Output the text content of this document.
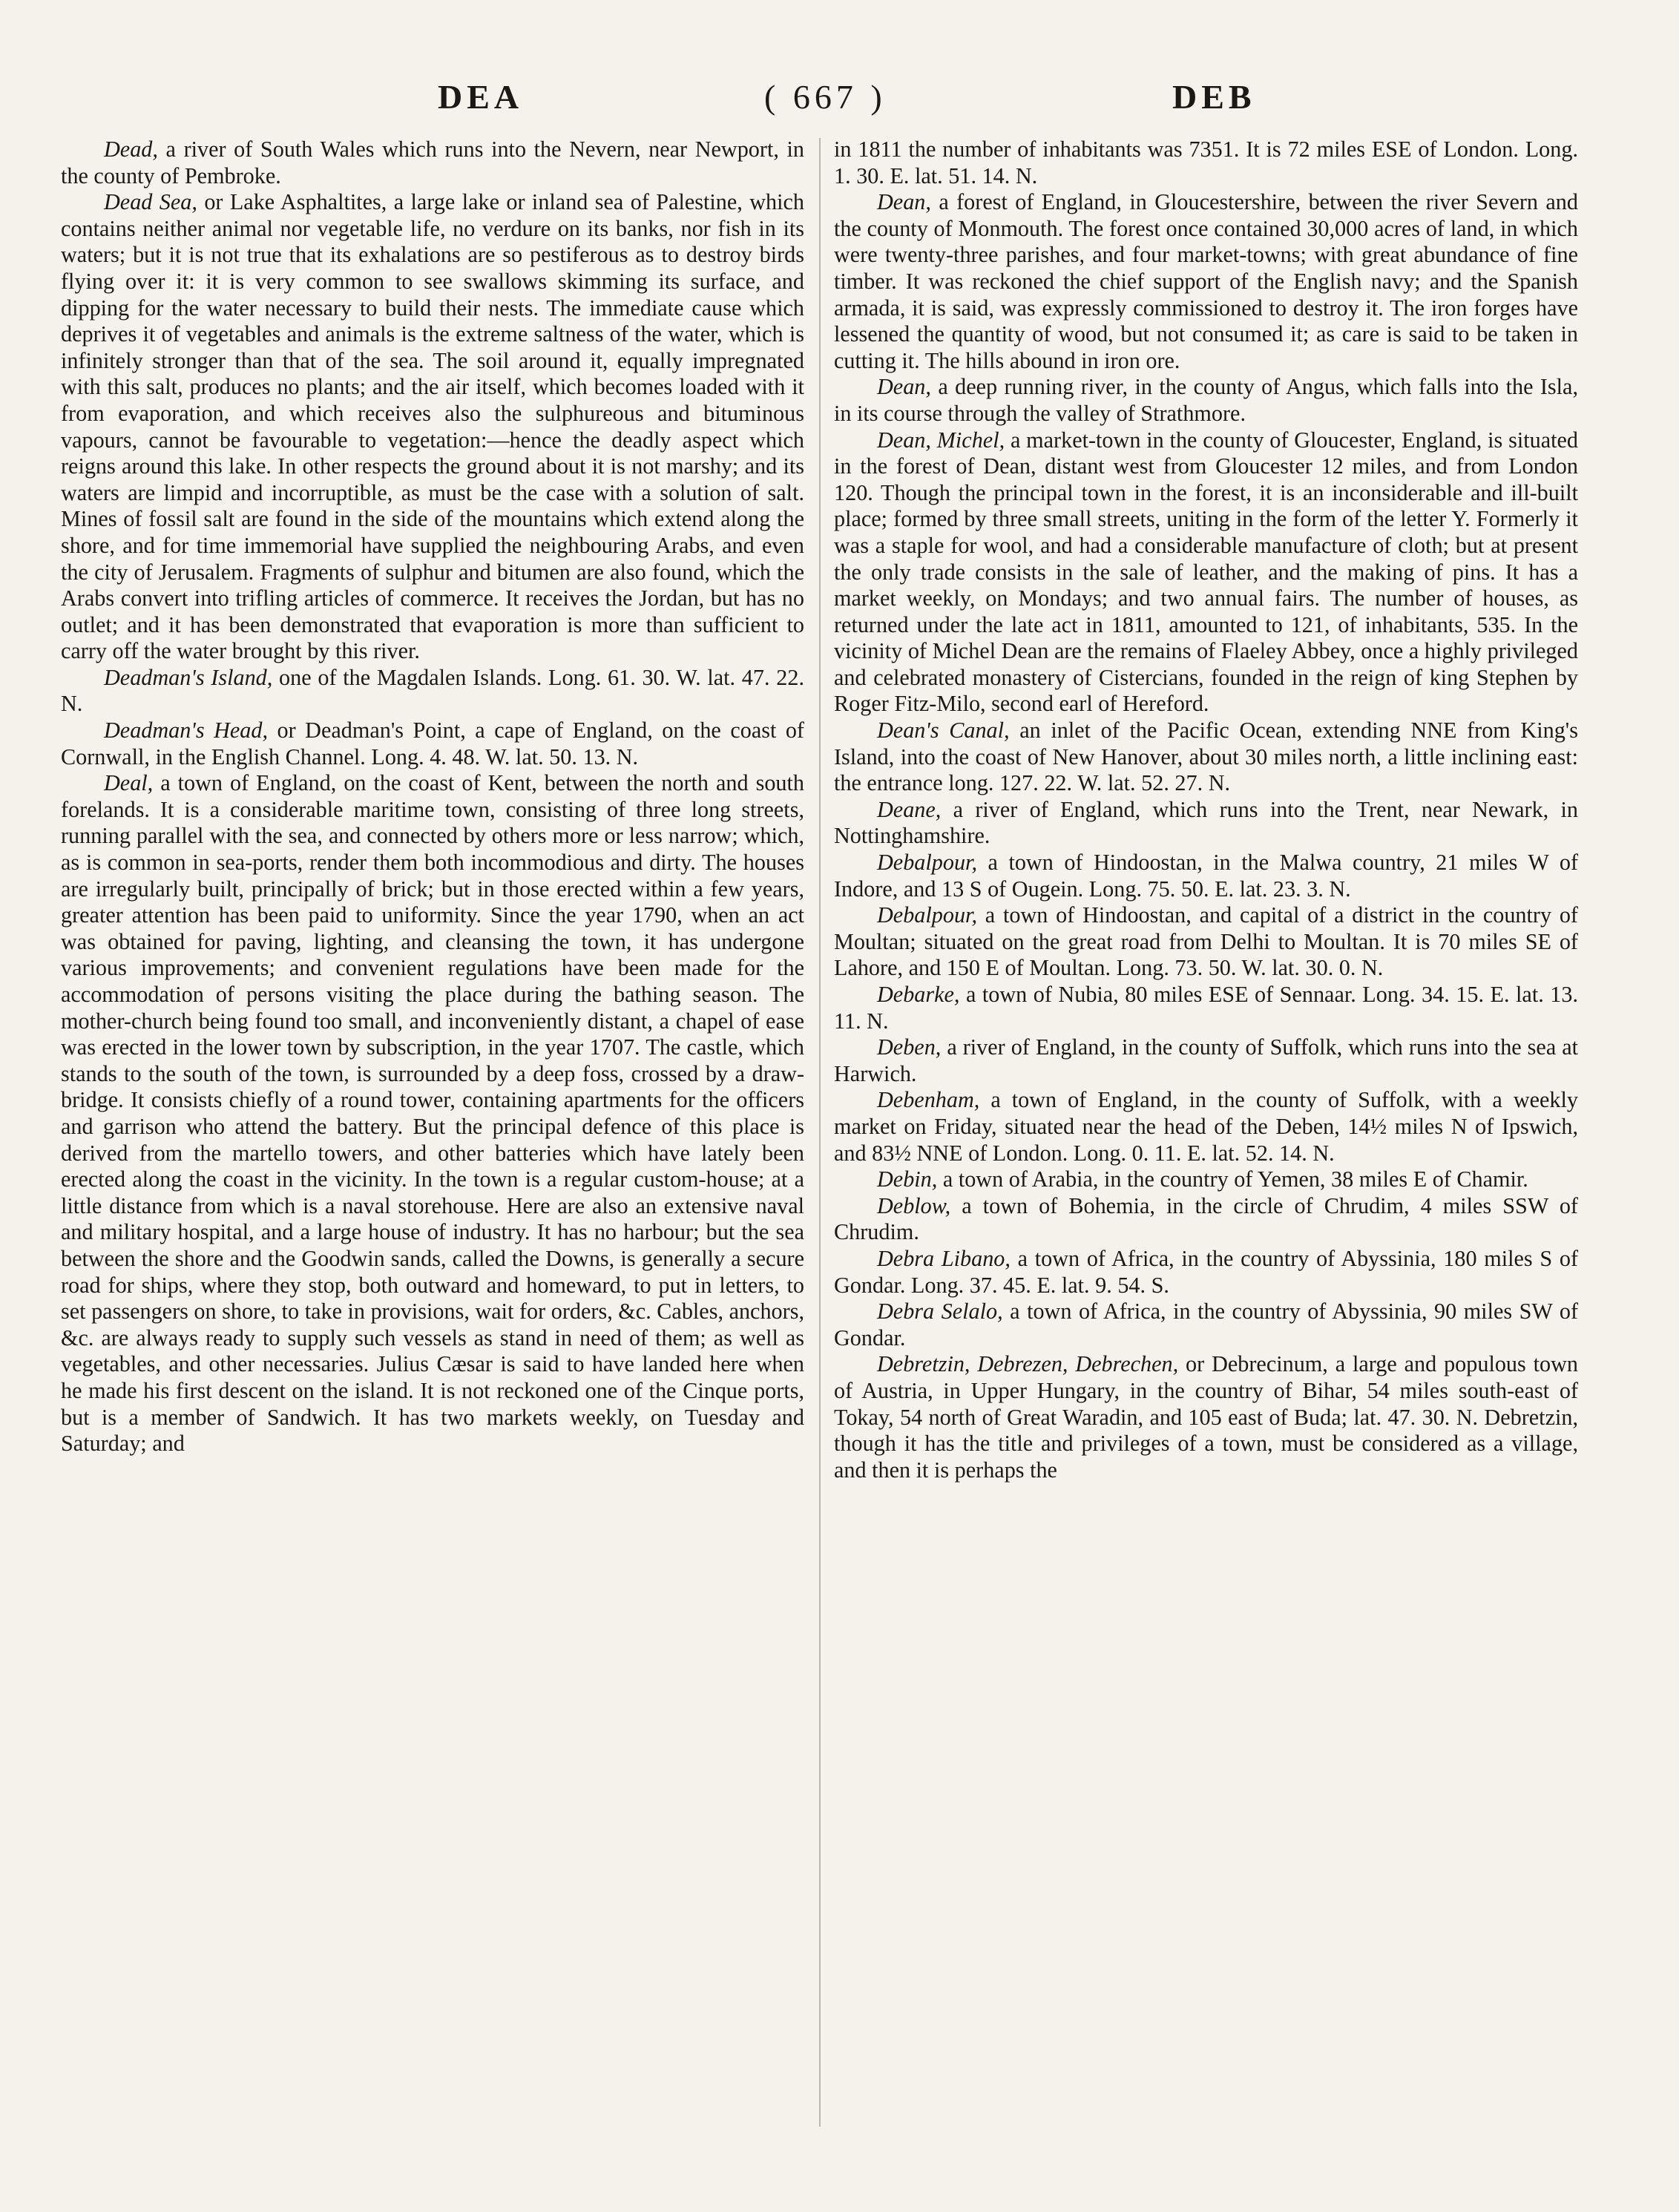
DEA	( 667 )	DEB

Dead, a river of South Wales which runs into the Nevern, near Newport, in the county of Pembroke.

Dead Sea, or Lake Asphaltites, a large lake or inland sea of Palestine, which contains neither animal nor vegetable life, no verdure on its banks, nor fish in its waters; but it is not true that its exhalations are so pestiferous as to destroy birds flying over it: it is very common to see swallows skimming its surface, and dipping for the water necessary to build their nests. The immediate cause which deprives it of vegetables and animals is the extreme saltness of the water, which is infinitely stronger than that of the sea. The soil around it, equally impregnated with this salt, produces no plants; and the air itself, which becomes loaded with it from evaporation, and which receives also the sulphureous and bituminous vapours, cannot be favourable to vegetation:—hence the deadly aspect which reigns around this lake. In other respects the ground about it is not marshy; and its waters are limpid and incorruptible, as must be the case with a solution of salt. Mines of fossil salt are found in the side of the mountains which extend along the shore, and for time immemorial have supplied the neighbouring Arabs, and even the city of Jerusalem. Fragments of sulphur and bitumen are also found, which the Arabs convert into trifling articles of commerce. It receives the Jordan, but has no outlet; and it has been demonstrated that evaporation is more than sufficient to carry off the water brought by this river.

Deadman's Island, one of the Magdalen Islands. Long. 61. 30. W. lat. 47. 22. N.

Deadman's Head, or Deadman's Point, a cape of England, on the coast of Cornwall, in the English Channel. Long. 4. 48. W. lat. 50. 13. N.

Deal, a town of England, on the coast of Kent, between the north and south forelands. It is a considerable maritime town, consisting of three long streets, running parallel with the sea, and connected by others more or less narrow; which, as is common in sea-ports, render them both incommodious and dirty. The houses are irregularly built, principally of brick; but in those erected within a few years, greater attention has been paid to uniformity. Since the year 1790, when an act was obtained for paving, lighting, and cleansing the town, it has undergone various improvements; and convenient regulations have been made for the accommodation of persons visiting the place during the bathing season. The mother-church being found too small, and inconveniently distant, a chapel of ease was erected in the lower town by subscription, in the year 1707. The castle, which stands to the south of the town, is surrounded by a deep foss, crossed by a draw-bridge. It consists chiefly of a round tower, containing apartments for the officers and garrison who attend the battery. But the principal defence of this place is derived from the martello towers, and other batteries which have lately been erected along the coast in the vicinity. In the town is a regular custom-house; at a little distance from which is a naval storehouse. Here are also an extensive naval and military hospital, and a large house of industry. It has no harbour; but the sea between the shore and the Goodwin sands, called the Downs, is generally a secure road for ships, where they stop, both outward and homeward, to put in letters, to set passengers on shore, to take in provisions, wait for orders, &c. Cables, anchors, &c. are always ready to supply such vessels as stand in need of them; as well as vegetables, and other necessaries. Julius Cæsar is said to have landed here when he made his first descent on the island. It is not reckoned one of the Cinque ports, but is a member of Sandwich. It has two markets weekly, on Tuesday and Saturday; and

in 1811 the number of inhabitants was 7351. It is 72 miles ESE of London. Long. 1. 30. E. lat. 51. 14. N.

Dean, a forest of England, in Gloucestershire, between the river Severn and the county of Monmouth. The forest once contained 30,000 acres of land, in which were twenty-three parishes, and four market-towns; with great abundance of fine timber. It was reckoned the chief support of the English navy; and the Spanish armada, it is said, was expressly commissioned to destroy it. The iron forges have lessened the quantity of wood, but not consumed it; as care is said to be taken in cutting it. The hills abound in iron ore.

Dean, a deep running river, in the county of Angus, which falls into the Isla, in its course through the valley of Strathmore.

Dean, Michel, a market-town in the county of Gloucester, England, is situated in the forest of Dean, distant west from Gloucester 12 miles, and from London 120. Though the principal town in the forest, it is an inconsiderable and ill-built place; formed by three small streets, uniting in the form of the letter Y. Formerly it was a staple for wool, and had a considerable manufacture of cloth; but at present the only trade consists in the sale of leather, and the making of pins. It has a market weekly, on Mondays; and two annual fairs. The number of houses, as returned under the late act in 1811, amounted to 121, of inhabitants, 535. In the vicinity of Michel Dean are the remains of Flaeley Abbey, once a highly privileged and celebrated monastery of Cistercians, founded in the reign of king Stephen by Roger Fitz-Milo, second earl of Hereford.

Dean's Canal, an inlet of the Pacific Ocean, extending NNE from King's Island, into the coast of New Hanover, about 30 miles north, a little inclining east: the entrance long. 127. 22. W. lat. 52. 27. N.

Deane, a river of England, which runs into the Trent, near Newark, in Nottinghamshire.

Debalpour, a town of Hindoostan, in the Malwa country, 21 miles W of Indore, and 13 S of Ougein. Long. 75. 50. E. lat. 23. 3. N.

Debalpour, a town of Hindoostan, and capital of a district in the country of Moultan; situated on the great road from Delhi to Moultan. It is 70 miles SE of Lahore, and 150 E of Moultan. Long. 73. 50. W. lat. 30. 0. N.

Debarke, a town of Nubia, 80 miles ESE of Sennaar. Long. 34. 15. E. lat. 13. 11. N.

Deben, a river of England, in the county of Suffolk, which runs into the sea at Harwich.

Debenham, a town of England, in the county of Suffolk, with a weekly market on Friday, situated near the head of the Deben, 14½ miles N of Ipswich, and 83½ NNE of London. Long. 0. 11. E. lat. 52. 14. N.

Debin, a town of Arabia, in the country of Yemen, 38 miles E of Chamir.

Deblow, a town of Bohemia, in the circle of Chrudim, 4 miles SSW of Chrudim.

Debra Libano, a town of Africa, in the country of Abyssinia, 180 miles S of Gondar. Long. 37. 45. E. lat. 9. 54. S.

Debra Selalo, a town of Africa, in the country of Abyssinia, 90 miles SW of Gondar.

Debretzin, Debrezen, Debrechen, or Debrecinum, a large and populous town of Austria, in Upper Hungary, in the country of Bihar, 54 miles south-east of Tokay, 54 north of Great Waradin, and 105 east of Buda; lat. 47. 30. N. Debretzin, though it has the title and privileges of a town, must be considered as a village, and then it is perhaps the
